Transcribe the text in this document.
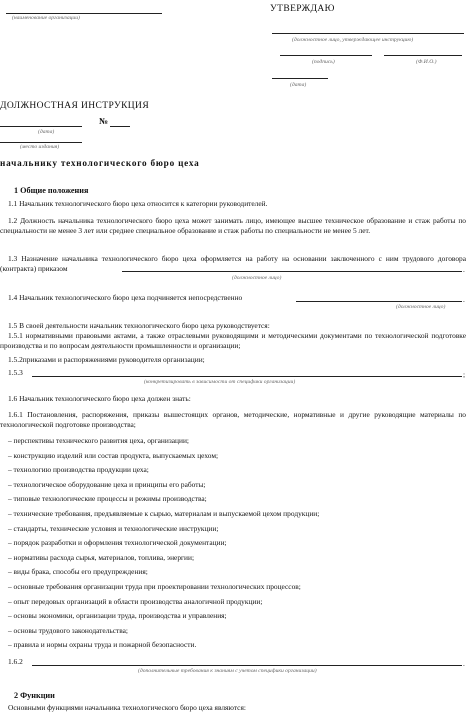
(наименование организации)
УТВЕРЖДАЮ
(должностное лицо, утверждающее инструкцию)
(подпись)	(Ф.И.О.)
(дата)
ДОЛЖНОСТНАЯ ИНСТРУКЦИЯ
№
(дата)
(место издания)
начальнику технологического бюро цеха
1 Общие положения
1.1 Начальник технологического бюро цеха относится к категории руководителей.
1.2 Должность начальника технологического бюро цеха может занимать лицо, имеющее высшее техническое образование и стаж работы по специальности не менее 3 лет или среднее специальное образование и стаж работы по специальности не менее 5 лет.
1.3 Назначение начальника технологического бюро цеха оформляется на работу на основании заключенного с ним трудового договора (контракта) приказом	.
(должностное лицо)
1.4 Начальник технологического бюро цеха подчиняется непосредственно	.
(должностное лицо)
1.5 В своей деятельности начальник технологического бюро цеха руководствуется:
1.5.1 нормативными правовыми актами, а также отраслевыми руководящими и методическими документами по технологической подготовке производства и по вопросам деятельности промышленности и организации;
1.5.2приказами и распоряжениями руководителя организации;
1.5.3	;
(конкретизировать в зависимости от специфики организации)
1.6 Начальник технологического бюро цеха должен знать:
1.6.1 Постановления, распоряжения, приказы вышестоящих органов, методические, нормативные и другие руководящие материалы по технологической подготовке производства;
– перспективы технического развития цеха, организации;
– конструкцию изделий или состав продукта, выпускаемых цехом;
– технологию производства продукции цеха;
– технологическое оборудование цеха и принципы его работы;
– типовые технологические процессы и режимы производства;
– технические требования, предъявляемые к сырью, материалам и выпускаемой цехом продукции;
– стандарты, технические условия и технологические инструкции;
– порядок разработки и оформления технологической документации;
– нормативы расхода сырья, материалов, топлива, энергии;
– виды брака, способы его предупреждения;
– основные требования организации труда при проектировании технологических процессов;
– опыт передовых организаций в области производства аналогичной продукции;
– основы экономики, организации труда, производства и управления;
– основы трудового законодательства;
– правила и нормы охраны труда и пожарной безопасности.
1.6.2	.
(дополнительные требования к знаниям с учетом специфики организации)
2 Функции
Основными функциями начальника технологического бюро цеха являются:
